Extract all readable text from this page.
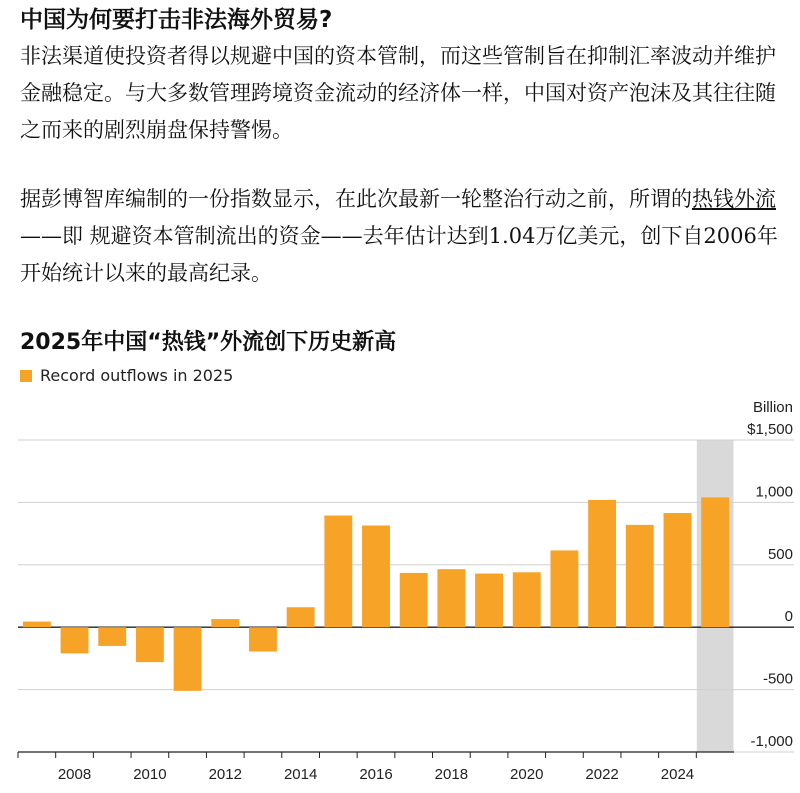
中国为何要打击非法海外贸易?

非法渠道使投资者得以规避中国的资本管制，而这些管制旨在抑制汇率波动并维护金融稳定。与大多数管理跨境资金流动的经济体一样，中国对资产泡沫及其往往随之而来的剧烈崩盘保持警惕。

据彭博智库编制的一份指数显示，在此次最新一轮整治行动之前，所谓的热钱外流——即 规避资本管制流出的资金——去年估计达到1.04万亿美元，创下自2006年开始统计以来的最高纪录。

2025年中国“热钱”外流创下历史新高
Record outflows in 2025
$1,500
1,000
500
0
-500
-1,000
Billion
2008	2010	2012	2014	2016	2018	2020	2022	2024
